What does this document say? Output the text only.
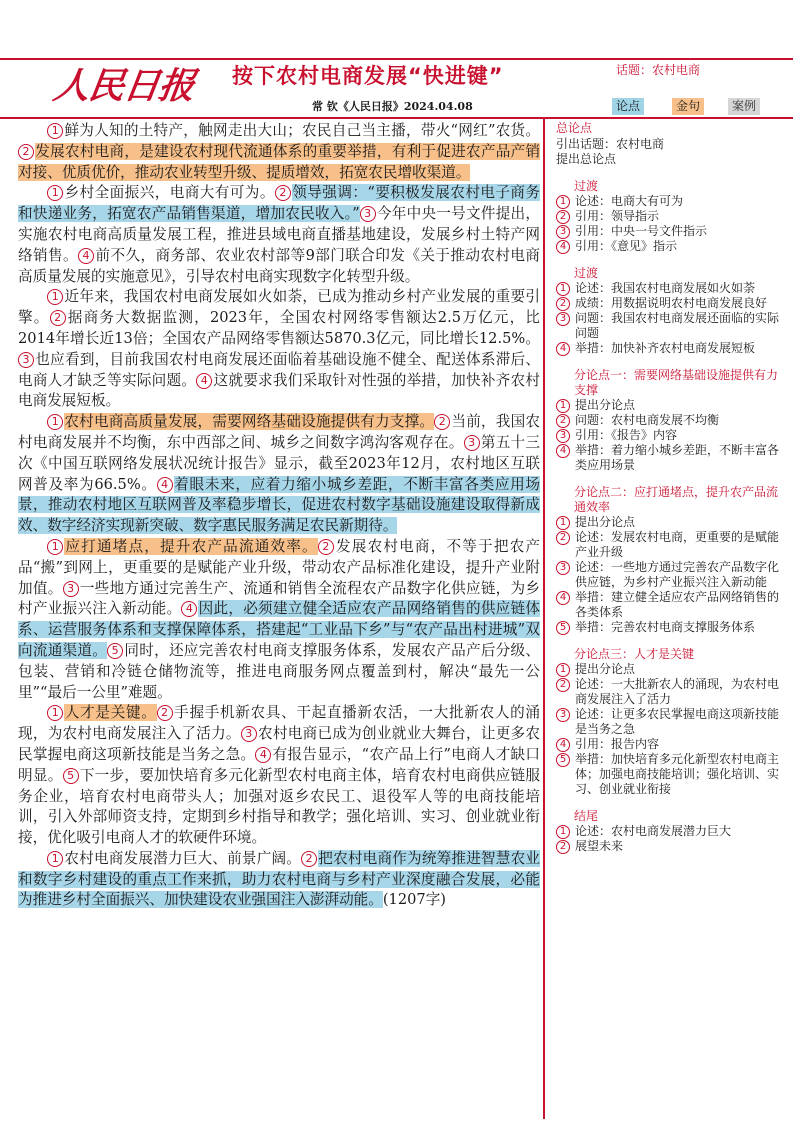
人民日报 按下农村电商发展“快进键”	话题：农村电商
常 钦《人民日报》2024.04.08	论点	金句	案例

1 鲜为人知的土特产，触网走出大山；农民自己当主播，带火“网红”农货。2 发展农村电商，是建设农村现代流通体系的重要举措，有利于促进农产品产销对接、优质优价，推动农业转型升级、提质增效，拓宽农民增收渠道。

1 乡村全面振兴，电商大有可为。 2 领导强调：“要积极发展农村电子商务和快递业务，拓宽农产品销售渠道，增加农民收入。” 3 今年中央一号文件提出，实施农村电商高质量发展工程，推进县域电商直播基地建设，发展乡村土特产网络销售。 4 前不久，商务部、农业农村部等9部门联合印发《关于推动农村电商高质量发展的实施意见》，引导农村电商实现数字化转型升级。

1 近年来，我国农村电商发展如火如荼，已成为推动乡村产业发展的重要引擎。 2 据商务大数据监测，2023年，全国农村网络零售额达2.5万亿元，比2014年增长近13倍；全国农产品网络零售额达5870.3亿元，同比增长12.5%。3 也应看到，目前我国农村电商发展还面临着基础设施不健全、配送体系滞后、电商人才缺乏等实际问题。 4 这就要求我们采取针对性强的举措，加快补齐农村电商发展短板。

1 农村电商高质量发展，需要网络基础设施提供有力支撑。 2 当前，我国农村电商发展并不均衡，东中西部之间、城乡之间数字鸿沟客观存在。 3 第五十三次《中国互联网络发展状况统计报告》显示，截至2023年12月，农村地区互联网普及率为66.5%。 4 着眼未来，应着力缩小城乡差距，不断丰富各类应用场景，推动农村地区互联网普及率稳步增长，促进农村数字基础设施建设取得新成效、数字经济实现新突破、数字惠民服务满足农民新期待。

1 应打通堵点，提升农产品流通效率。 2 发展农村电商，不等于把农产品“搬”到网上，更重要的是赋能产业升级，带动农产品标准化建设，提升产业附加值。 3 一些地方通过完善生产、流通和销售全流程农产品数字化供应链，为乡村产业振兴注入新动能。 4 因此，必须建立健全适应农产品网络销售的供应链体系、运营服务体系和支撑保障体系，搭建起“工业品下乡”与“农产品出村进城”双向流通渠道。 5 同时，还应完善农村电商支撑服务体系，发展农产品产后分级、包装、营销和冷链仓储物流等，推进电商服务网点覆盖到村，解决“最先一公里”“最后一公里”难题。

1 人才是关键。 2 手握手机新农具、干起直播新农活，一大批新农人的涌现，为农村电商发展注入了活力。 3 农村电商已成为创业就业大舞台，让更多农民掌握电商这项新技能是当务之急。 4 有报告显示，“农产品上行”电商人才缺口明显。 5 下一步，要加快培育多元化新型农村电商主体，培育农村电商供应链服务企业，培育农村电商带头人；加强对返乡农民工、退役军人等的电商技能培训，引入外部师资支持，定期到乡村指导和教学；强化培训、实习、创业就业衔接，优化吸引电商人才的软硬件环境。

1 农村电商发展潜力巨大、前景广阔。 2 把农村电商作为统筹推进智慧农业和数字乡村建设的重点工作来抓，助力农村电商与乡村产业深度融合发展，必能为推进乡村全面振兴、加快建设农业强国注入澎湃动能。(1207字)

总论点

引出话题：农村电商

提出总论点

过渡

1 论述：电商大有可为
2 引用：领导指示
3 引用：中央一号文件指示
4 引用：《意见》指示

过渡

1 论述：我国农村电商发展如火如荼
2 成绩：用数据说明农村电商发展良好
3 问题：我国农村电商发展还面临的实际问题
4 举措：加快补齐农村电商发展短板

分论点一：需要网络基础设施提供有力支撑

1 提出分论点
2 问题：农村电商发展不均衡
3 引用：《报告》内容
4 举措：着力缩小城乡差距，不断丰富各类应用场景

分论点二：应打通堵点，提升农产品流通效率

1 提出分论点
2 论述：发展农村电商，更重要的是赋能产业升级
3 论述：一些地方通过完善农产品数字化供应链，为乡村产业振兴注入新动能
4 举措：建立健全适应农产品网络销售的各类体系
5 举措：完善农村电商支撑服务体系

分论点三：人才是关键

1 提出分论点
2 论述：一大批新农人的涌现，为农村电商发展注入了活力
3 论述：让更多农民掌握电商这项新技能是当务之急
4 引用：报告内容
5 举措：加快培育多元化新型农村电商主体；加强电商技能培训；强化培训、实习、创业就业衔接

结尾

1 论述：农村电商发展潜力巨大
2 展望未来
